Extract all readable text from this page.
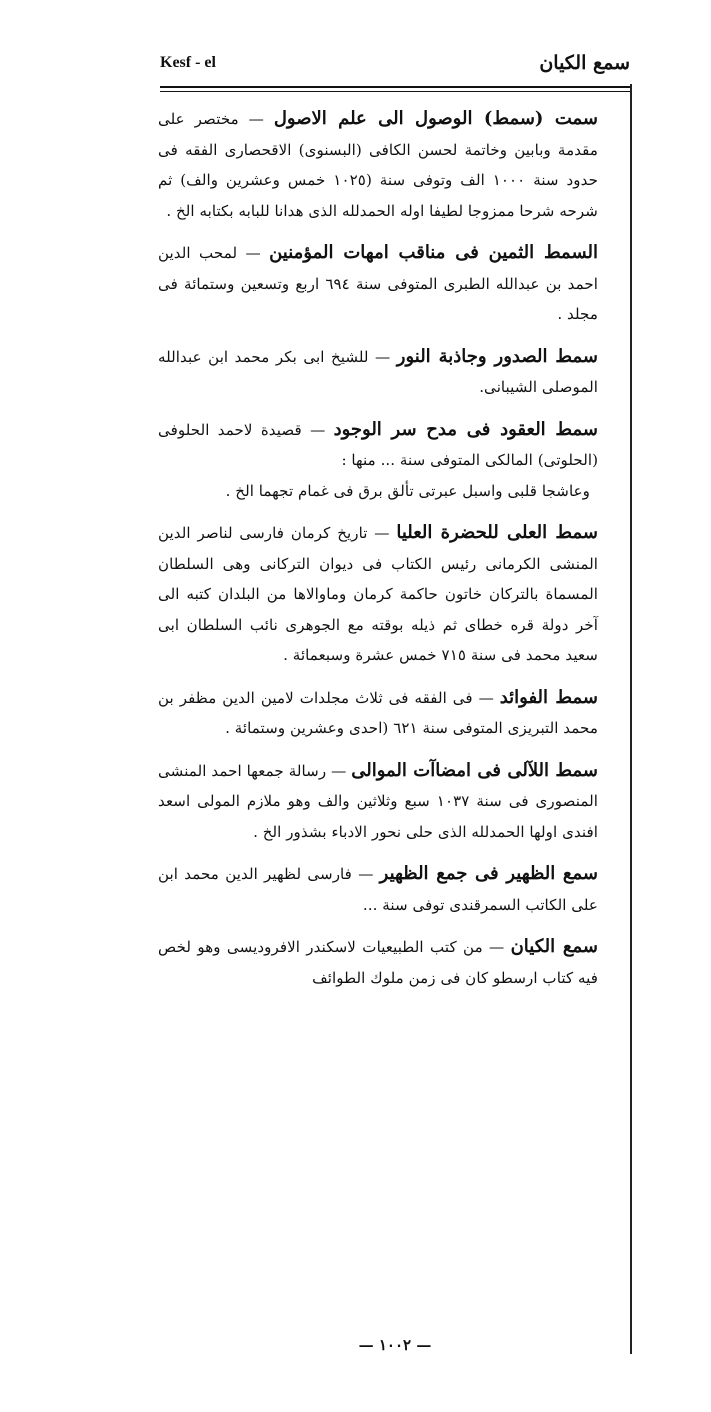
سمع الكيان
Kesf - el

سمت (سمط) الوصول الى علم الاصول — مختصر على مقدمة وبابين وخاتمة لحسن الكافى (البسنوى) الاقحصارى الفقه فى حدود سنة ١٠٠٠ الف وتوفى سنة (١٠٢٥ خمس وعشرين والف) ثم شرحه شرحا ممزوجا لطيفا اوله الحمدلله الذى هدانا للبابه بكتابه الخ .

السمط الثمين فى مناقب امهات المؤمنين — لمحب الدين احمد بن عبدالله الطبرى المتوفى سنة ٦٩٤ اربع وتسعين وستمائة فى مجلد .

سمط الصدور وجاذبة النور — للشيخ ابى بكر محمد ابن عبدالله الموصلى الشيبانى.

سمط العقود فى مدح سر الوجود — قصيدة لاحمد الحلوفى (الحلوتى) المالكى المتوفى سنة ... منها :
وعاشجا قلبى واسبل عبرتى تألق برق فى غمام تجهما الخ .

سمط العلى للحضرة العليا — تاريخ كرمان فارسى لناصر الدين المنشى الكرمانى رئيس الكتاب فى ديوان التركانى وهى السلطان المسماة بالتركان خاتون حاكمة كرمان وماوالاها من البلدان كتبه الى آخر دولة قره خطاى ثم ذيله بوقته مع الجوهرى نائب السلطان ابى سعيد محمد فى سنة ٧١٥ خمس عشرة وسبعمائة .

سمط الفوائد — فى الفقه فى ثلاث مجلدات لامين الدين مظفر بن محمد التبريزى المتوفى سنة ٦٢١ (احدى وعشرين وستمائة .

سمط اللآلى فى امضاآت الموالى — رسالة جمعها احمد المنشى المنصورى فى سنة ١٠٣٧ سبع وثلاثين والف وهو ملازم المولى اسعد افندى اولها الحمدلله الذى حلى نحور الادباء بشذور الخ .

سمع الظهير فى جمع الظهير — فارسى لظهير الدين محمد ابن على الكاتب السمرقندى توفى سنة ...

سمع الكيان — من كتب الطبيعيات لاسكندر الافروديسى وهو لخص فيه كتاب ارسطو كان فى زمن ملوك الطوائف

— ١٠٠٢ —
